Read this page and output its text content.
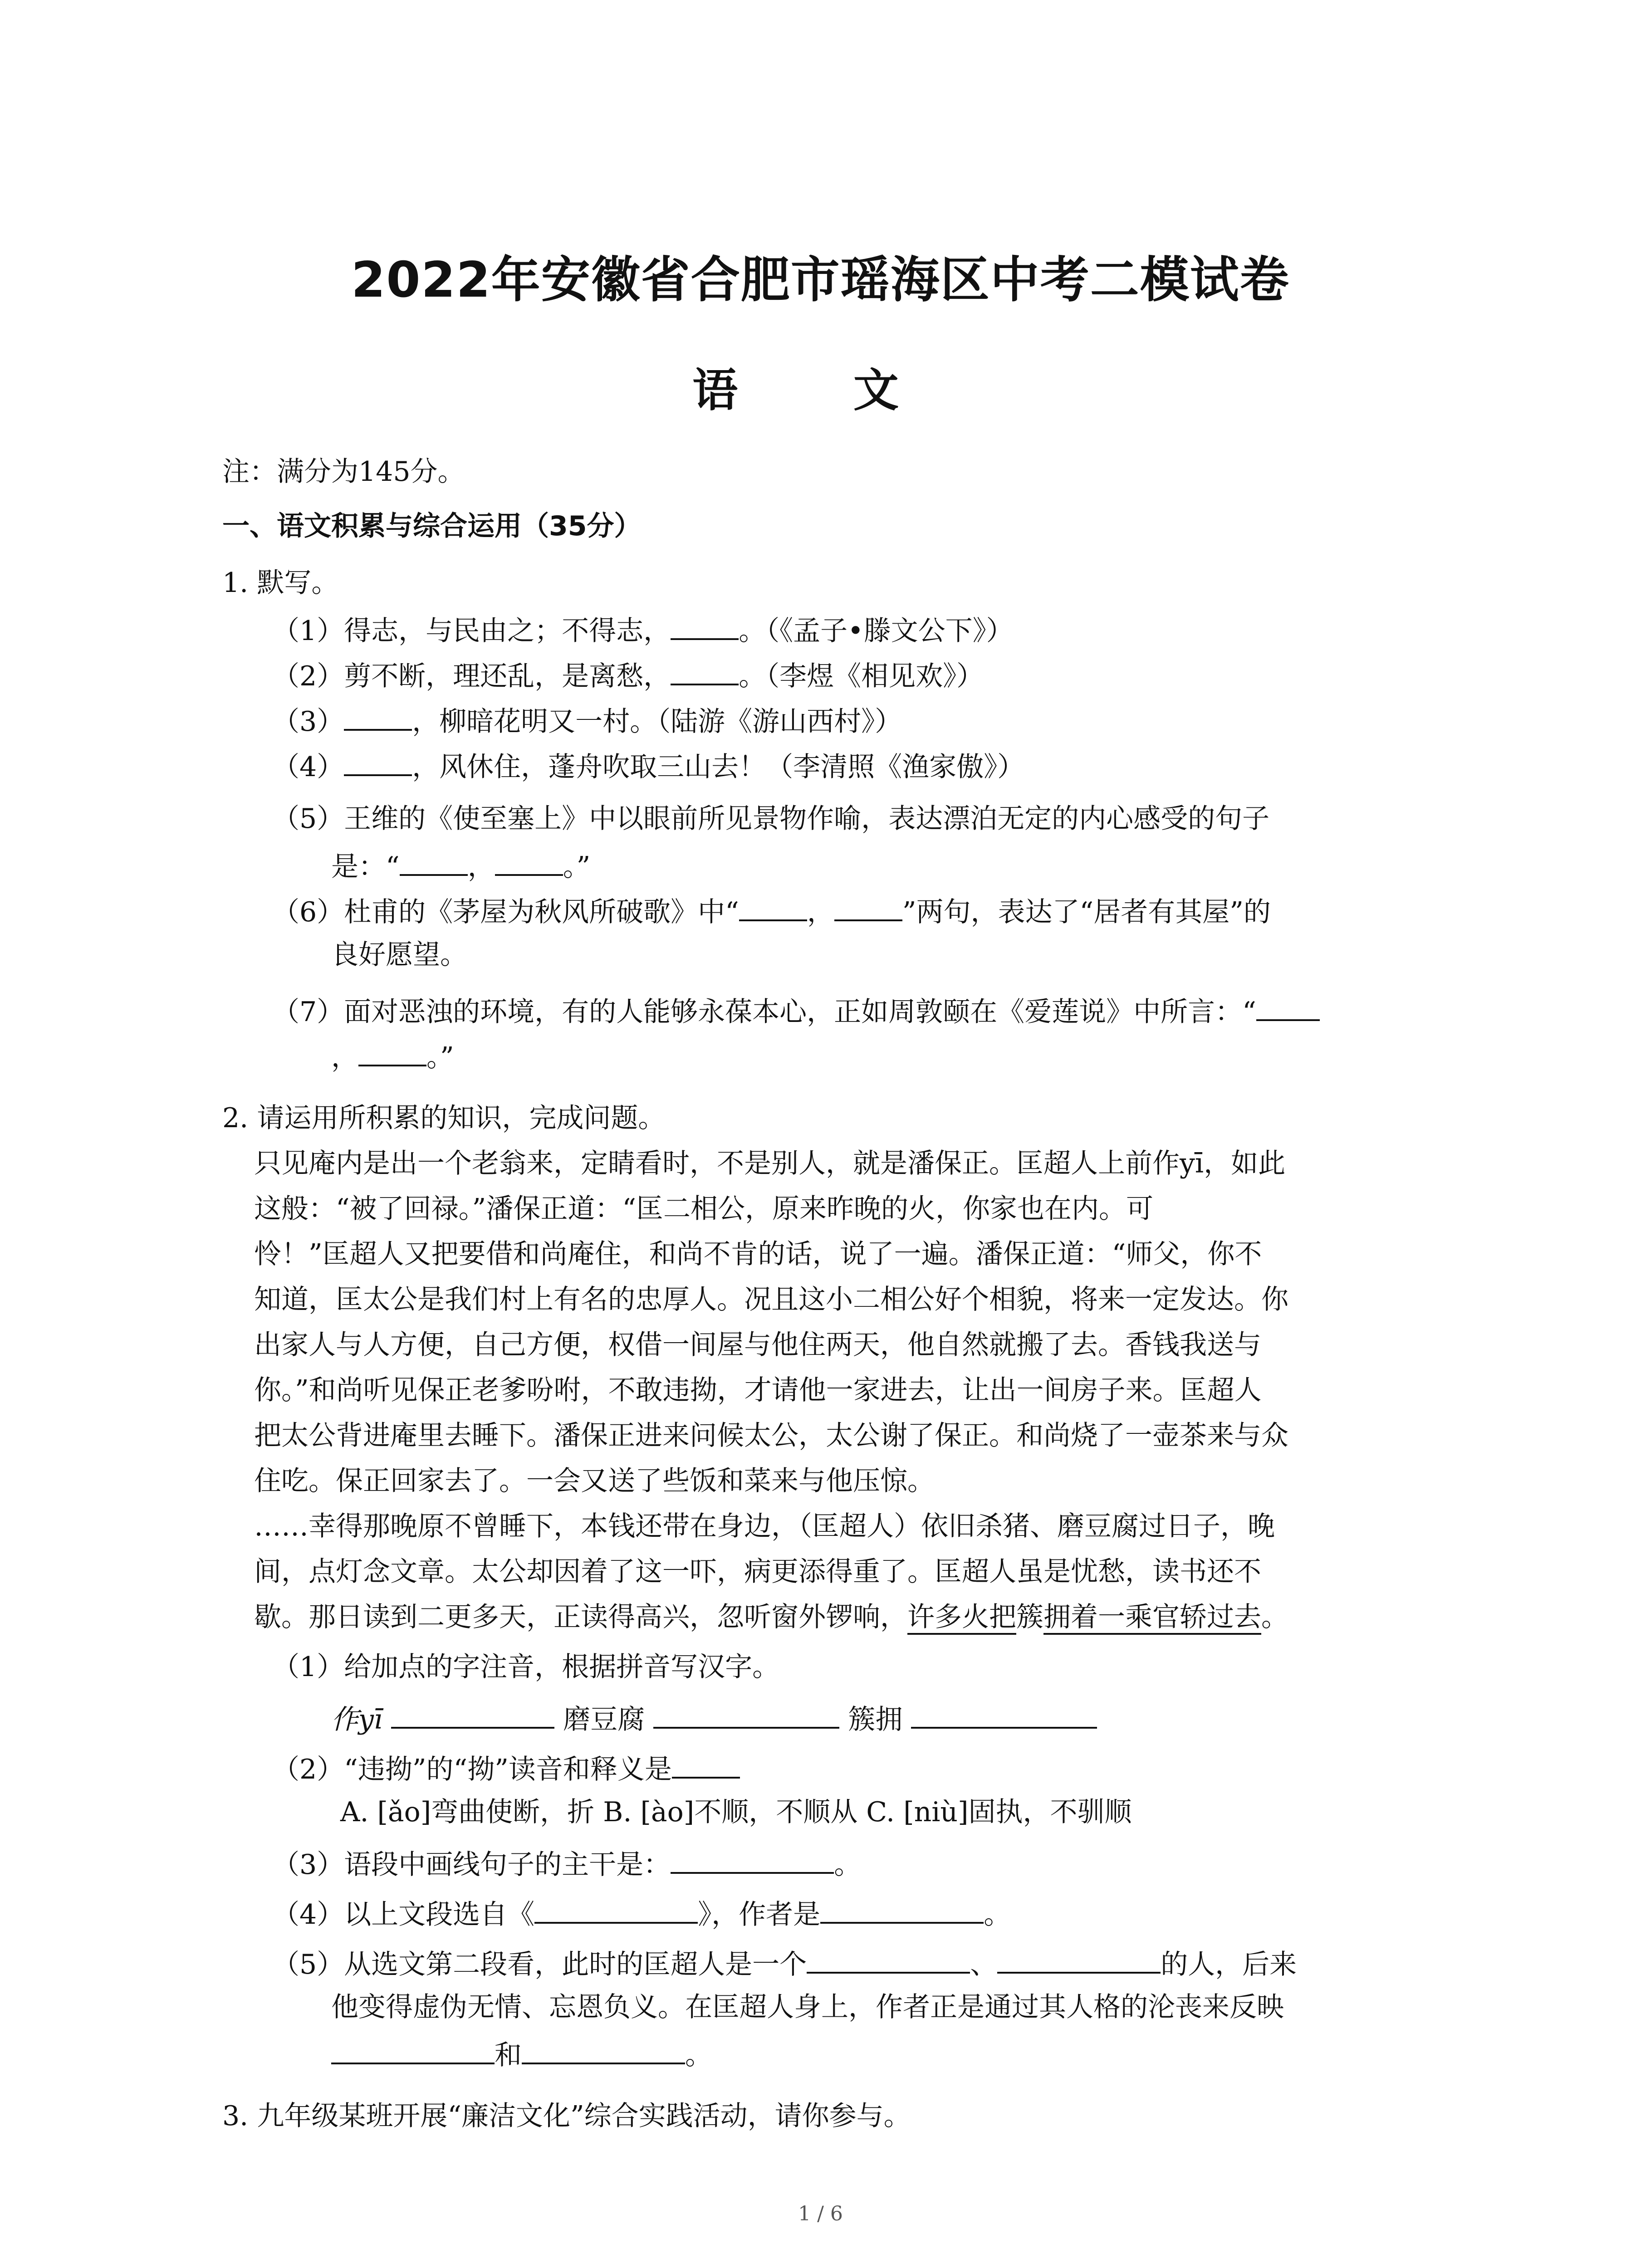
2022年安徽省合肥市瑶海区中考二模试卷
语 文
注：满分为145分。
一、语文积累与综合运用（35分）
1. 默写。
（1）得志，与民由之；不得志，	。（《孟子•滕文公下》）
（2）剪不断，理还乱，是离愁，	。（李煜《相见欢》）
（3）	，柳暗花明又一村。（陆游《游山西村》）
（4）	，风休住，蓬舟吹取三山去！（李清照《渔家傲》）
（5）王维的《使至塞上》中以眼前所见景物作喻，表达漂泊无定的内心感受的句子
是：“	，	。”
（6）杜甫的《茅屋为秋风所破歌》中“	，	”两句，表达了“居者有其屋”的
良好愿望。
（7）面对恶浊的环境，有的人能够永葆本心，正如周敦颐在《爱莲说》中所言：“
，	。”
2. 请运用所积累的知识，完成问题。
只见庵内是出一个老翁来，定睛看时，不是别人，就是潘保正。匡超人上前作yī，如此
这般：“被了回禄。”潘保正道：“匡二相公，原来昨晚的火，你家也在内。可
怜！”匡超人又把要借和尚庵住，和尚不肯的话，说了一遍。潘保正道：“师父，你不
知道，匡太公是我们村上有名的忠厚人。况且这小二相公好个相貌，将来一定发达。你
出家人与人方便，自己方便，权借一间屋与他住两天，他自然就搬了去。香钱我送与
你。”和尚听见保正老爹吩咐，不敢违拗，才请他一家进去，让出一间房子来。匡超人
把太公背进庵里去睡下。潘保正进来问候太公，太公谢了保正。和尚烧了一壶茶来与众
住吃。保正回家去了。一会又送了些饭和菜来与他压惊。
……幸得那晚原不曾睡下，本钱还带在身边，（匡超人）依旧杀猪、磨豆腐过日子，晚
间，点灯念文章。太公却因着了这一吓，病更添得重了。匡超人虽是忧愁，读书还不
歇。那日读到二更多天，正读得高兴，忽听窗外锣响，许多火把簇拥着一乘官轿过去。
（1）给加点的字注音，根据拼音写汉字。
作yī	磨豆腐	簇拥
（2）“违拗”的“拗”读音和释义是
A. [ǎo]弯曲使断，折 B. [ào]不顺，不顺从 C. [niù]固执，不驯顺
（3）语段中画线句子的主干是：	。
（4）以上文段选自《	》，作者是	。
（5）从选文第二段看，此时的匡超人是一个	、	的人，后来
他变得虚伪无情、忘恩负义。在匡超人身上，作者正是通过其人格的沦丧来反映
和	。
3. 九年级某班开展“廉洁文化”综合实践活动，请你参与。
1 / 6
